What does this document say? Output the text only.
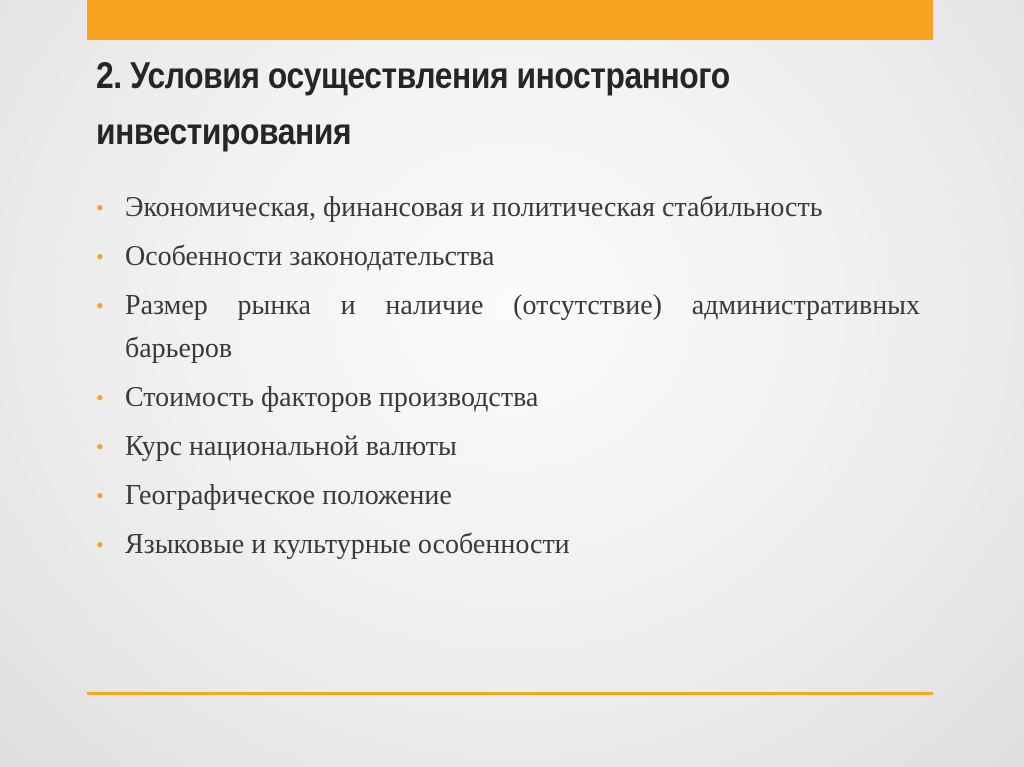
2. Условия осуществления иностранного инвестирования
• Экономическая, финансовая и политическая стабильность
• Особенности законодательства
• Размер рынка и наличие (отсутствие) административных барьеров
• Стоимость факторов производства
• Курс национальной валюты
• Географическое положение
• Языковые и культурные особенности
